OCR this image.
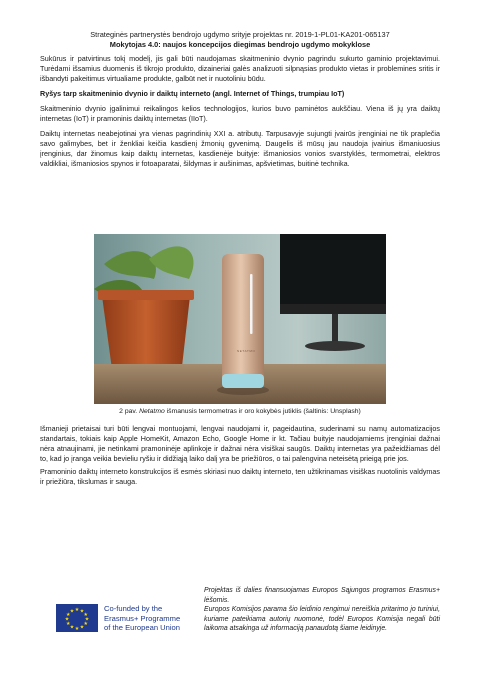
Strateginės partnerystės bendrojo ugdymo srityje projektas nr. 2019-1-PL01-KA201-065137
Mokytojas 4.0: naujos koncepcijos diegimas bendrojo ugdymo mokyklose

Sukūrus ir patvirtinus tokį modelį, jis gali būti naudojamas skaitmeninio dvynio pagrindu sukurto gaminio projektavimui. Turėdami išsamius duomenis iš tikrojo produkto, dizaineriai galės analizuoti silpnąsias produkto vietas ir problemines sritis ir išbandyti pakeitimus virtualiame produkte, galbūt net ir nuotoliniu būdu.

Ryšys tarp skaitmeninio dvynio ir daiktų interneto (angl. Internet of Things, trumpiau IoT)

Skaitmeninio dvynio įgalinimui reikalingos kelios technologijos, kurios buvo paminėtos aukščiau. Viena iš jų yra daiktų internetas (IoT) ir pramoninis daiktų internetas (IIoT).

Daiktų internetas neabejotinai yra vienas pagrindinių XXI a. atributų. Tarpusavyje sujungti įvairūs įrenginiai ne tik praplečia savo galimybes, bet ir ženkliai keičia kasdienį žmonių gyvenimą. Daugelis iš mūsų jau naudoja įvairius išmaniuosius įrenginius, dar žinomus kaip daiktų internetas, kasdienėje buityje: išmaniosios vonios svarstyklės, termometrai, elektros valdikliai, išmaniosios spynos ir fotoaparatai, šildymas ir aušinimas, apšvietimas, buitinė technika.

NETATMO
2 pav. Netatmo išmanusis termometras ir oro kokybės jutiklis (šaltinis: Unsplash)

Išmanieji prietaisai turi būti lengvai montuojami, lengvai naudojami ir, pageidautina, suderinami su namų automatizacijos standartais, tokiais kaip Apple HomeKit, Amazon Echo, Google Home ir kt. Tačiau buityje naudojamiems įrenginiai dažnai nėra atnaujinami, jie netinkami pramoninėje aplinkoje ir dažnai nėra visiškai saugūs. Daiktų internetas yra pažeidžiamas dėl to, kad jo įranga veikia bevieliu ryšiu ir didžiąją laiko dalį yra be priežiūros, o tai palengvina neteisėtą prieigą prie jos.

Pramoninio daiktų interneto konstrukcijos iš esmės skiriasi nuo daiktų interneto, ten užtikrinamas visiškas nuotolinis valdymas ir priežiūra, tikslumas ir sauga.

★ ★
★
★
★
★
★
★
★
★
★
★	Co-funded by the
Erasmus+ Programme
of the European Union

Projektas iš dalies finansuojamas Europos Sąjungos programos Erasmus+ lėšomis.

Europos Komisijos parama šio leidinio rengimui nereiškia pritarimo jo turiniui, kuriame pateikiama autorių nuomonė, todėl Europos Komisija negali būti laikoma atsakinga už informaciją panaudotą šiame leidinyje.
